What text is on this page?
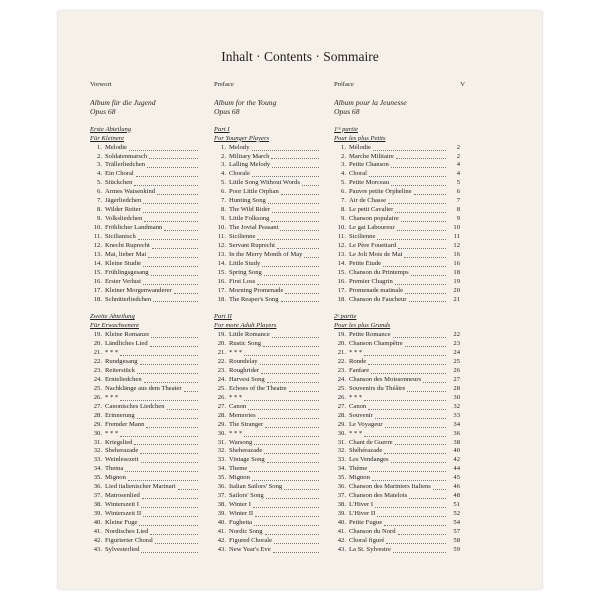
Inhalt · Contents · Sommaire
Vorwort
Album für die Jugend
Opus 68
Erste Abteilung
Für Kleinere
1. Melodie
2. Soldatenmarsch
3. Trällerliedchen
4. Ein Choral
5. Stückchen
6. Armes Waisenkind
7. Jägerliedchen
8. Wilder Reiter
9. Volksliedchen
10. Fröhlicher Landmann
11. Sicilianisch
12. Knecht Ruprecht
13. Mai, lieber Mai
14. Kleine Studie
15. Frühlingsgesang
16. Erster Verlust
17. Kleiner Morgenwanderer
18. Schnitterliedchen
Zweite Abteilung
Für Erwachsenere
19. Kleine Romanze
20. Ländliches Lied
21. * * *
22. Rundgesang
23. Reiterstück
24. Ernteliedchen
25. Nachklänge aus dem Theater
26. * * *
27. Canonisches Liedchen
28. Erinnerung
29. Fremder Mann
30. * * *
31. Kriegslied
32. Sheherazade
33. Weinlesezeit
34. Thema
35. Mignon
36. Lied italienischer Marinari
37. Matrosenlied
38. Winterszeit I
39. Winterszeit II
40. Kleine Fuge
41. Nordisches Lied
42. Figurierter Choral
43. Sylvesterlied
Preface
Album for the Young
Opus 68
Part I
For Younger Players
1. Melody
2. Military March
3. Lalling Melody
4. Chorale
5. Little Song Without Words
6. Poor Little Orphan
7. Hunting Song
8. The Wild Rider
9. Little Folksong
10. The Jovial Peasant
11. Sicilienne
12. Servant Ruprecht
13. In the Merry Month of May
14. Little Study
15. Spring Song
16. First Loss
17. Morning Promenade
18. The Reaper's Song
Part II
For more Adult Players
19. Little Romance
20. Rustic Song
21. * * *
22. Roundelay
23. Roughrider
24. Harvest Song
25. Echoes of the Theatre
26. * * *
27. Canon
28. Memories
29. The Stranger
30. * * *
31. Warsong
32. Sheherazade
33. Vintage Song
34. Theme
35. Mignon
36. Italian Sailors' Song
37. Sailors' Song
38. Winter I
39. Winter II
40. Fughetta
41. Nordic Song
42. Figured Chorale
43. New Year's Eve
Préface
Album pour la Jeunesse
Opus 68
1ʳᵉ partie
Pour les plus Petits
1. Mélodie	2
2. Marche Militaire	2
3. Petite Chanson	4
4. Choral	4
5. Petite Morceau	5
6. Pauvre petite Orpheline	6
7. Air de Chasse	7
8. Le petit Cavalier	8
9. Chanson populaire	9
10. Le gai Laboureur	10
11. Sicilienne	11
12. Le Père Fouettard	12
13. Le Joli Mois de Mai	16
14. Petite Étude	16
15. Chanson du Printemps	18
16. Premier Chagrin	19
17. Promenade matinale	20
18. Chanson du Faucheur	21
2ᵉ partie
Pour les plus Grands
19. Petite Romance	22
20. Chanson Champêtre	23
21. * * *	24
22. Ronde	25
23. Fanfare	26
24. Chanson des Moissonneurs	27
25. Souvenirs du Théâtre	28
26. * * *	30
27. Canon	32
28. Souvenir	33
29. Le Voyageur	34
30. * * *	36
31. Chant de Guerre	38
32. Shéhérazade	40
33. Les Vendanges	42
34. Thème	44
35. Mignon	45
36. Chanson des Mariniers Italiens	46
37. Chanson des Matelots	48
38. L'Hiver I	51
39. L'Hiver II	52
40. Petite Fugue	54
41. Chanson du Nord	57
42. Choral figuré	58
43. La St. Sylvestre	59
V
